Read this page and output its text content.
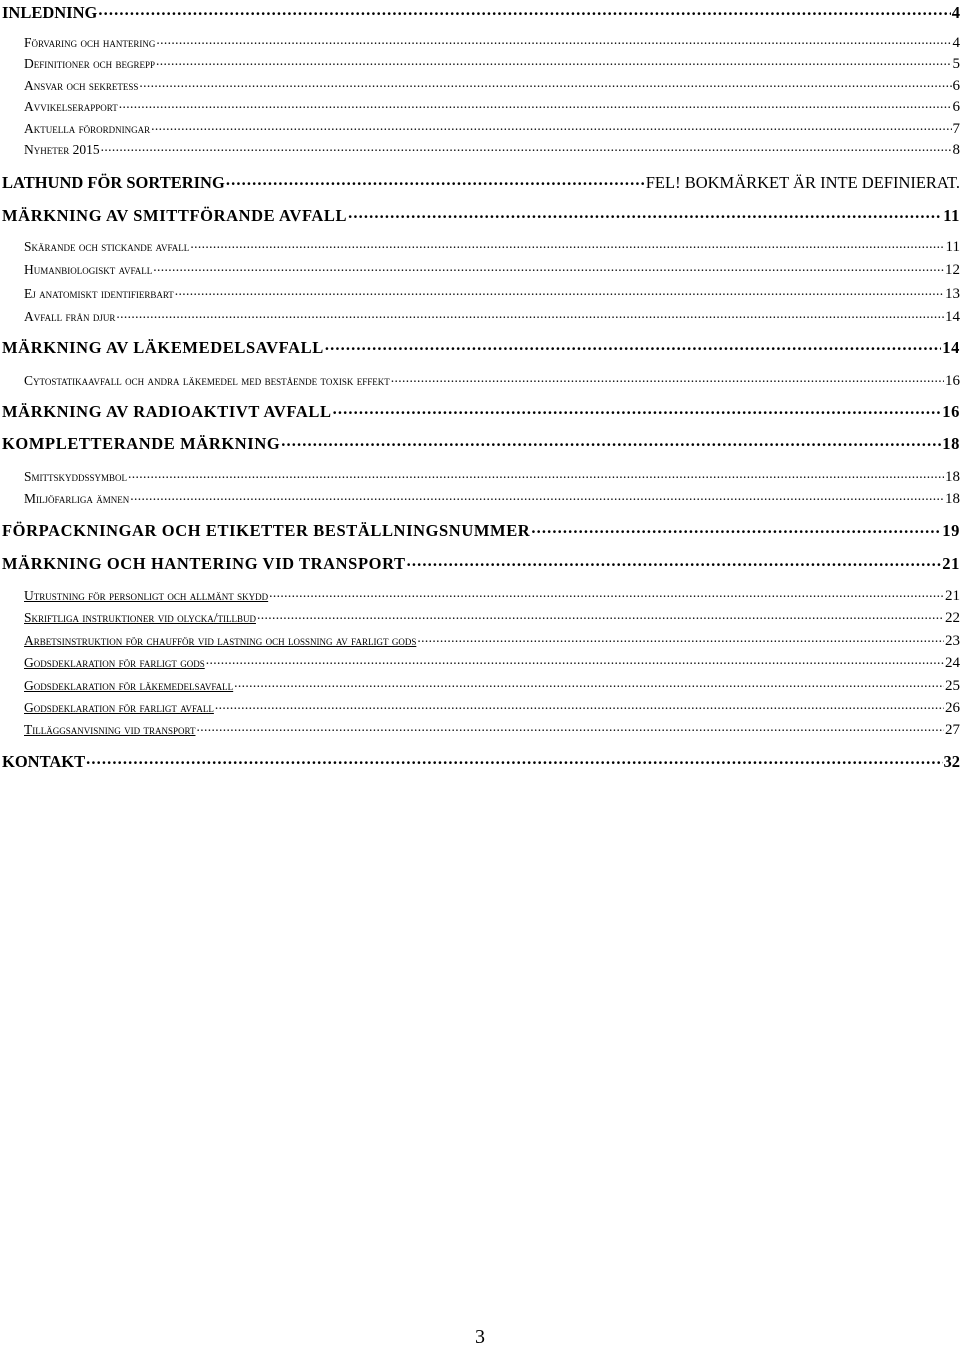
INLEDNING . . .	4
Förvaring och hantering . . .	4
Definitioner och begrepp . . .	5
Ansvar och sekretess . . .	6
Avvikelserapport . . .	6
Aktuella förordningar . . .	7
Nyheter 2015 . . .	8
LATHUND FÖR SORTERING . . .	FEL! BOKMÄRKET ÄR INTE DEFINIERAT.
MÄRKNING AV SMITTFÖRANDE AVFALL . . .	11
Skärande och stickande avfall . . .	11
Humanbiologiskt avfall . . .	12
Ej anatomiskt identifierbart . . .	13
Avfall från djur . . .	14
MÄRKNING AV LÄKEMEDELSAVFALL . . .	14
Cytostatikaavfall och andra läkemedel med bestående toxisk effekt . . .	16
MÄRKNING AV RADIOAKTIVT AVFALL . . .	16
KOMPLETTERANDE MÄRKNING . . .	18
Smittskyddssymbol . . .	18
Miljöfarliga ämnen . . .	18
FÖRPACKNINGAR OCH ETIKETTER BESTÄLLNINGSNUMMER . . .	19
MÄRKNING OCH HANTERING VID TRANSPORT . . .	21
Utrustning för personligt och allmänt skydd . . .	21
Skriftliga instruktioner vid olycka/tillbud . . .	22
Arbetsinstruktion för chaufför vid lastning och lossning av farligt gods . . .	23
Godsdeklaration för farligt gods . . .	24
Godsdeklaration för läkemedelsavfall . . .	25
Godsdeklaration för farligt avfall . . .	26
Tilläggsanvisning vid transport . . .	27
KONTAKT . . .	32
3
